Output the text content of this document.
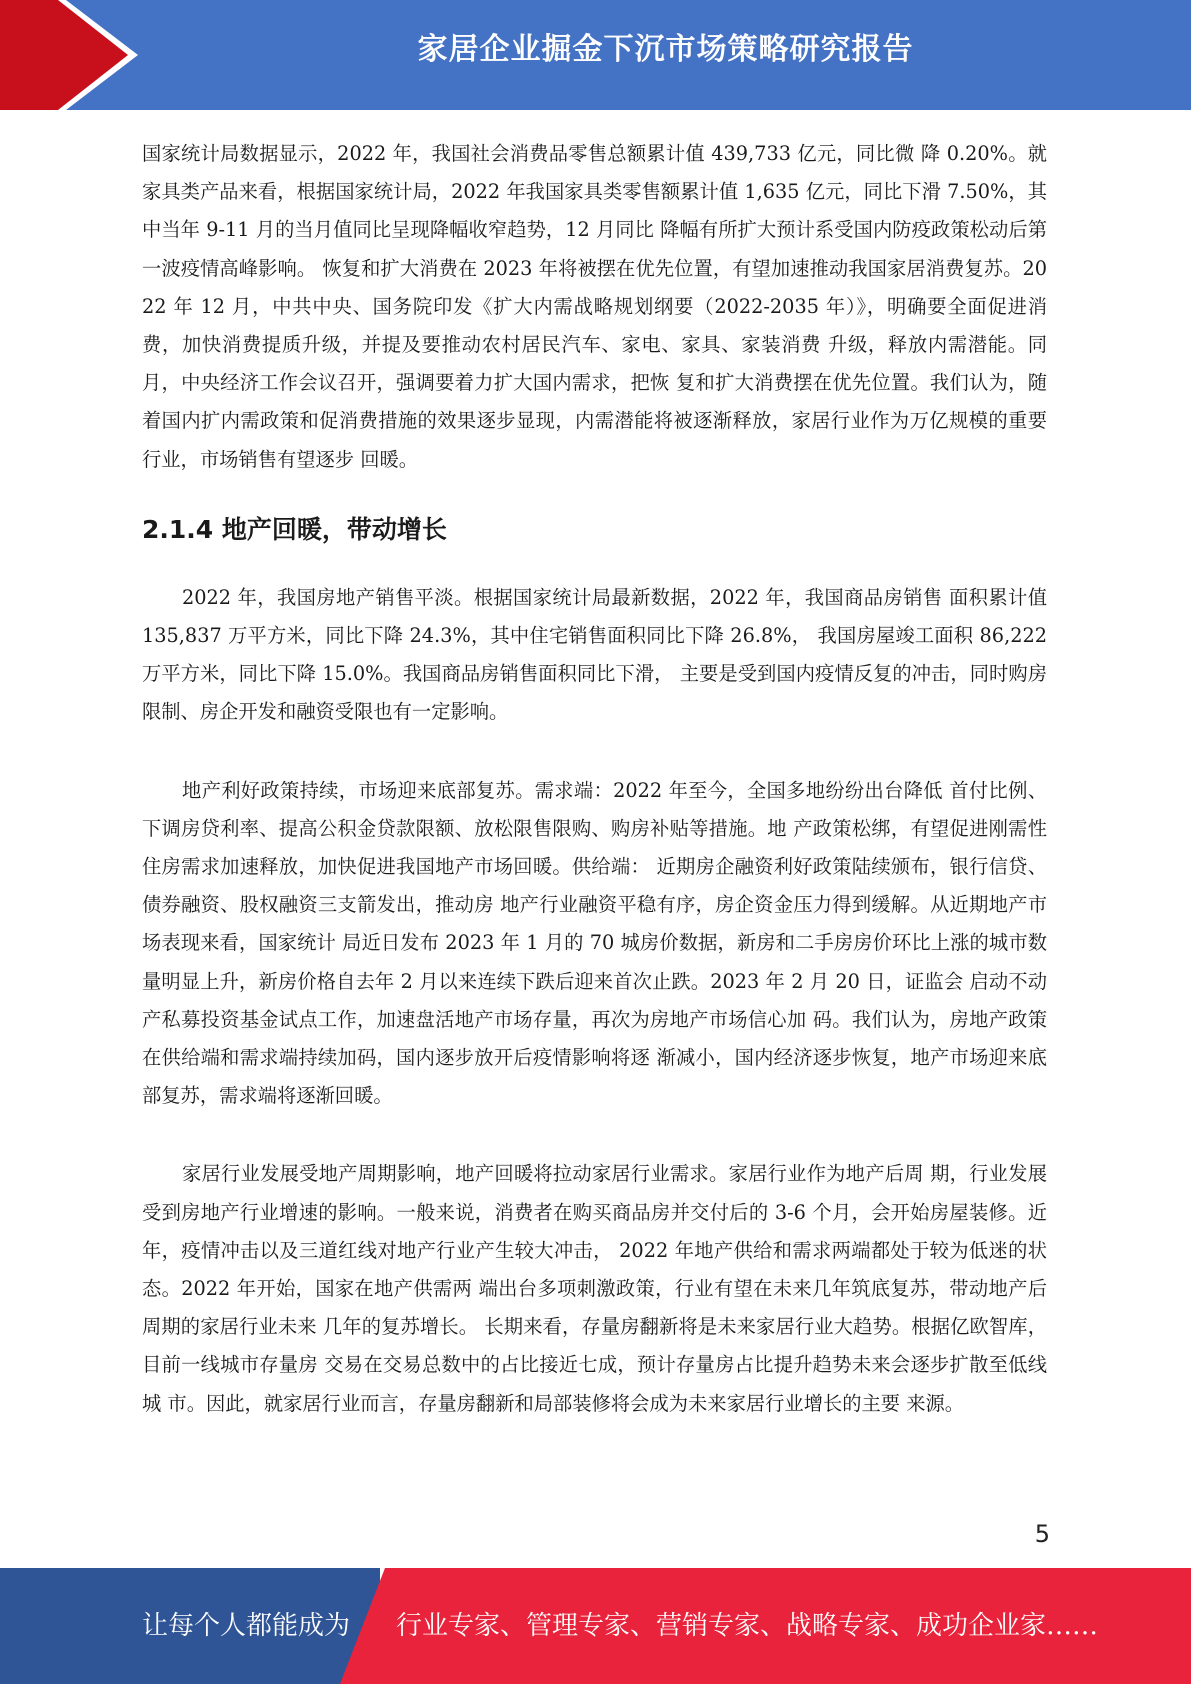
家居企业掘金下沉市场策略研究报告

国家统计局数据显示，2022 年，我国社会消费品零售总额累计值 439,733 亿元，同比微 降 0.20%。就家具类产品来看，根据国家统计局，2022 年我国家具类零售额累计值 1,635 亿元，同比下滑 7.50%，其中当年 9-11 月的当月值同比呈现降幅收窄趋势，12 月同比 降幅有所扩大预计系受国内防疫政策松动后第一波疫情高峰影响。 恢复和扩大消费在 2023 年将被摆在优先位置，有望加速推动我国家居消费复苏。2022 年 12 月，中共中央、国务院印发《扩大内需战略规划纲要（2022-2035 年）》，明确要全面促进消费，加快消费提质升级，并提及要推动农村居民汽车、家电、家具、家装消费 升级，释放内需潜能。同月，中央经济工作会议召开，强调要着力扩大国内需求，把恢 复和扩大消费摆在优先位置。我们认为，随着国内扩内需政策和促消费措施的效果逐步显现，内需潜能将被逐渐释放，家居行业作为万亿规模的重要行业，市场销售有望逐步 回暖。

2.1.4 地产回暖，带动增长

2022 年，我国房地产销售平淡。根据国家统计局最新数据，2022 年，我国商品房销售 面积累计值 135,837 万平方米，同比下降 24.3%，其中住宅销售面积同比下降 26.8%， 我国房屋竣工面积 86,222 万平方米，同比下降 15.0%。我国商品房销售面积同比下滑， 主要是受到国内疫情反复的冲击，同时购房限制、房企开发和融资受限也有一定影响。

地产利好政策持续，市场迎来底部复苏。需求端：2022 年至今，全国多地纷纷出台降低 首付比例、下调房贷利率、提高公积金贷款限额、放松限售限购、购房补贴等措施。地 产政策松绑，有望促进刚需性住房需求加速释放，加快促进我国地产市场回暖。供给端： 近期房企融资利好政策陆续颁布，银行信贷、债券融资、股权融资三支箭发出，推动房 地产行业融资平稳有序，房企资金压力得到缓解。从近期地产市场表现来看，国家统计 局近日发布 2023 年 1 月的 70 城房价数据，新房和二手房房价环比上涨的城市数量明显上升，新房价格自去年 2 月以来连续下跌后迎来首次止跌。2023 年 2 月 20 日，证监会 启动不动产私募投资基金试点工作，加速盘活地产市场存量，再次为房地产市场信心加 码。我们认为，房地产政策在供给端和需求端持续加码，国内逐步放开后疫情影响将逐 渐减小，国内经济逐步恢复，地产市场迎来底部复苏，需求端将逐渐回暖。

家居行业发展受地产周期影响，地产回暖将拉动家居行业需求。家居行业作为地产后周 期，行业发展受到房地产行业增速的影响。一般来说，消费者在购买商品房并交付后的 3-6 个月，会开始房屋装修。近年，疫情冲击以及三道红线对地产行业产生较大冲击， 2022 年地产供给和需求两端都处于较为低迷的状态。2022 年开始，国家在地产供需两 端出台多项刺激政策，行业有望在未来几年筑底复苏，带动地产后周期的家居行业未来 几年的复苏增长。 长期来看，存量房翻新将是未来家居行业大趋势。根据亿欧智库，目前一线城市存量房 交易在交易总数中的占比接近七成，预计存量房占比提升趋势未来会逐步扩散至低线城 市。因此，就家居行业而言，存量房翻新和局部装修将会成为未来家居行业增长的主要 来源。

5
让每个人都能成为	行业专家、管理专家、营销专家、战略专家、成功企业家……
